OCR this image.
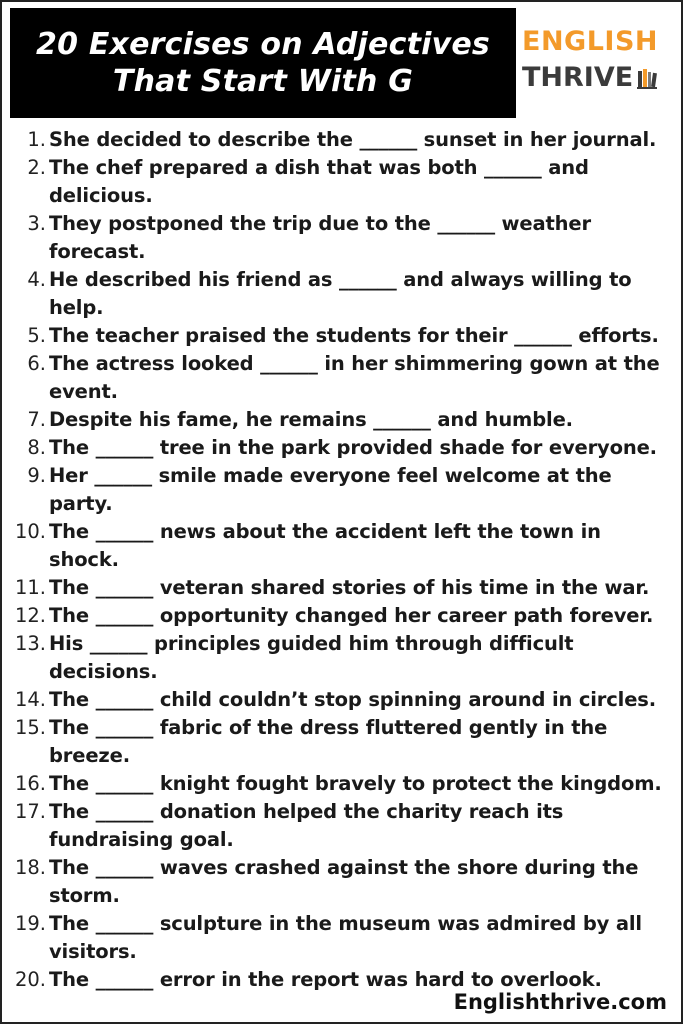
20 Exercises on Adjectives
That Start With G
ENGLISH
THRIVE
1. She decided to describe the ______ sunset in her journal.
2. The chef prepared a dish that was both ______ and delicious.
3. They postponed the trip due to the ______ weather forecast.
4. He described his friend as ______ and always willing to help.
5. The teacher praised the students for their ______ efforts.
6. The actress looked ______ in her shimmering gown at the event.
7. Despite his fame, he remains ______ and humble.
8. The ______ tree in the park provided shade for everyone.
9. Her ______ smile made everyone feel welcome at the party.
10. The ______ news about the accident left the town in shock.
11. The ______ veteran shared stories of his time in the war.
12. The ______ opportunity changed her career path forever.
13. His ______ principles guided him through difficult decisions.
14. The ______ child couldn’t stop spinning around in circles.
15. The ______ fabric of the dress fluttered gently in the breeze.
16. The ______ knight fought bravely to protect the kingdom.
17. The ______ donation helped the charity reach its fundraising goal.
18. The ______ waves crashed against the shore during the storm.
19. The ______ sculpture in the museum was admired by all visitors.
20. The ______ error in the report was hard to overlook.
Englishthrive.com
